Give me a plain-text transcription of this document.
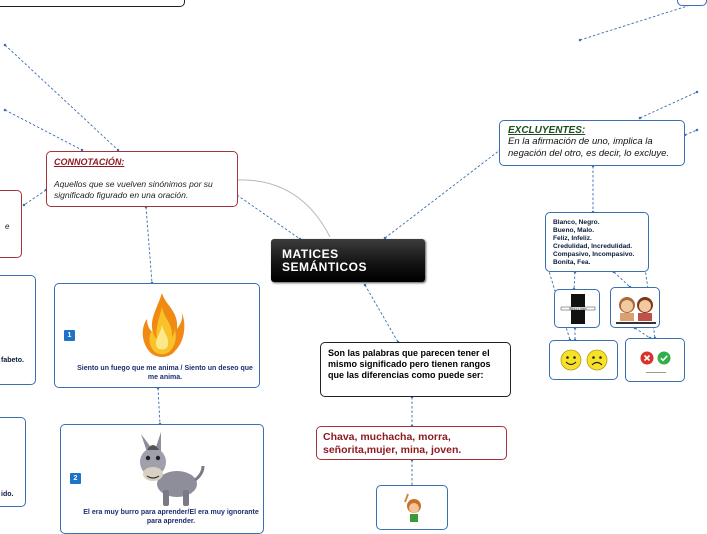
e
fabeto.
ido.
MATICES
SEMÁNTICOS
CONNOTACIÓN:
Aquellos que se vuelven sinónimos por su significado figurado en una oración.
1
Siento un fuego que me anima / Siento un deseo que me anima.
2
El era muy burro para aprender/El era muy ignorante para aprender.
Son las palabras que parecen tener el mismo significado pero tienen rangos que las diferencias como puede ser:
Chava, muchacha, morra, señorita,mujer, mina, joven.
EXCLUYENTES:
En la afirmación de uno, implica la negación del otro, es decir, lo excluye.
Blanco, Negro.
Bueno, Malo.
Feliz, Infeliz.
Credulidad, Incredulidad.
Compasivo, Incompasivo.
Bonita, Fea.
Blanco y negro
